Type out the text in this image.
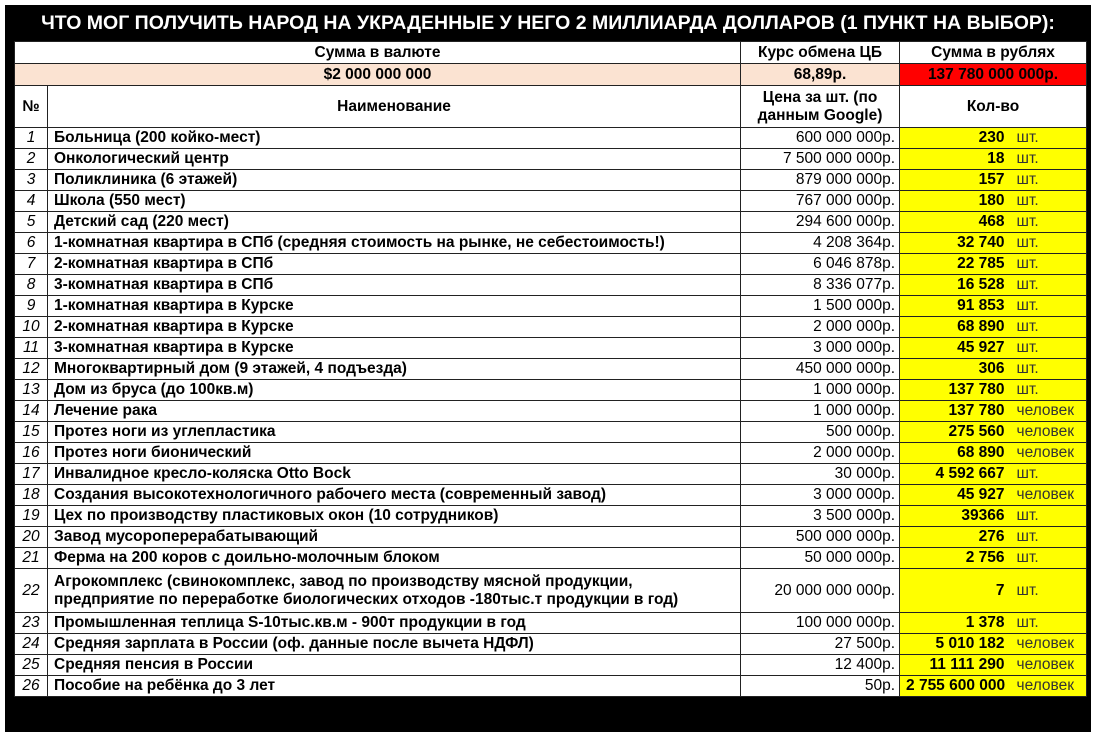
ЧТО МОГ ПОЛУЧИТЬ НАРОД НА УКРАДЕННЫЕ У НЕГО 2 МИЛЛИАРДА ДОЛЛАРОВ (1 ПУНКТ НА ВЫБОР):
Сумма в валюте		Курс обмена ЦБ	Сумма в рублях	
$2 000 000 000		68,89р.	137 780 000 000р.	
№	Наименование	Цена за шт. (по данным Google)	Кол-во	
1	Больница (200 койко-мест)	600 000 000р.	230	шт.
2	Онкологический центр	7 500 000 000р.	18	шт.
3	Поликлиника (6 этажей)	879 000 000р.	157	шт.
4	Школа (550 мест)	767 000 000р.	180	шт.
5	Детский сад (220 мест)	294 600 000р.	468	шт.
6	1-комнатная квартира в СПб (средняя стоимость на рынке, не себестоимость!)	4 208 364р.	32 740	шт.
7	2-комнатная квартира в СПб	6 046 878р.	22 785	шт.
8	3-комнатная квартира в СПб	8 336 077р.	16 528	шт.
9	1-комнатная квартира в Курске	1 500 000р.	91 853	шт.
10	2-комнатная квартира в Курске	2 000 000р.	68 890	шт.
11	3-комнатная квартира в Курске	3 000 000р.	45 927	шт.
12	Многоквартирный дом (9 этажей, 4 подъезда)	450 000 000р.	306	шт.
13	Дом из бруса (до 100кв.м)	1 000 000р.	137 780	шт.
14	Лечение рака	1 000 000р.	137 780	человек
15	Протез ноги из углепластика	500 000р.	275 560	человек
16	Протез ноги бионический	2 000 000р.	68 890	человек
17	Инвалидное кресло-коляска Otto Bock	30 000р.	4 592 667	шт.
18	Создания высокотехнологичного рабочего места (современный завод)	3 000 000р.	45 927	человек
19	Цех по производству пластиковых окон (10 сотрудников)	3 500 000р.	39366	шт.
20	Завод мусороперерабатывающий	500 000 000р.	276	шт.
21	Ферма на 200 коров с доильно-молочным блоком	50 000 000р.	2 756	шт.
22	Агрокомплекс (свинокомплекс, завод по производству мясной продукции, предприятие по переработке биологических отходов -180тыс.т продукции в год)	20 000 000 000р.	7	шт.
23	Промышленная теплица S-10тыс.кв.м - 900т продукции в год	100 000 000р.	1 378	шт.
24	Средняя зарплата в России (оф. данные после вычета НДФЛ)	27 500р.	5 010 182	человек
25	Средняя пенсия в России	12 400р.	11 111 290	человек
26	Пособие на ребёнка до 3 лет	50р.	2 755 600 000	человек
